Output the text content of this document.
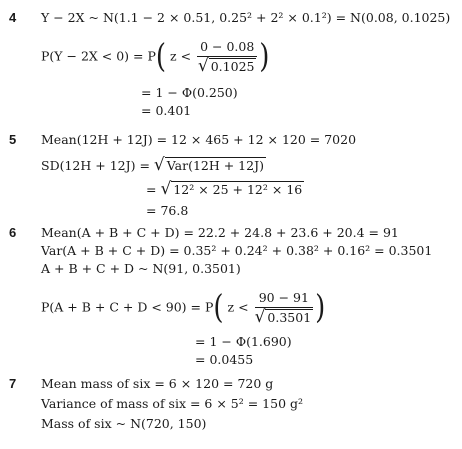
4 Y − 2X ~ N(1.1 − 2 × 0.51, 0.25² + 2² × 0.1²) = N(0.08, 0.1025)
P(Y − 2X < 0) = P( $z < \frac{0 - 0.08}{√ 0.1025}$ )
= 1 − Φ(0.250)
= 0.401
5 Mean(12H + 12J) = 12 × 465 + 12 × 120 = 7020
SD(12H + 12J) = √ Var(12H + 12J)
= √ 12² × 25 + 12² × 16
= 76.8
6 Mean(A + B + C + D) = 22.2 + 24.8 + 23.6 + 20.4 = 91
Var(A + B + C + D) = 0.35² + 0.24² + 0.38² + 0.16² = 0.3501
A + B + C + D ~ N(91, 0.3501)
P(A + B + C + D < 90) = P( $z < \frac{90 - 91}{√ 0.3501}$ )
= 1 − Φ(1.690)
= 0.0455
7 Mean mass of six = 6 × 120 = 720 g
Variance of mass of six = 6 × 5² = 150 g²
Mass of six ~ N(720, 150)
